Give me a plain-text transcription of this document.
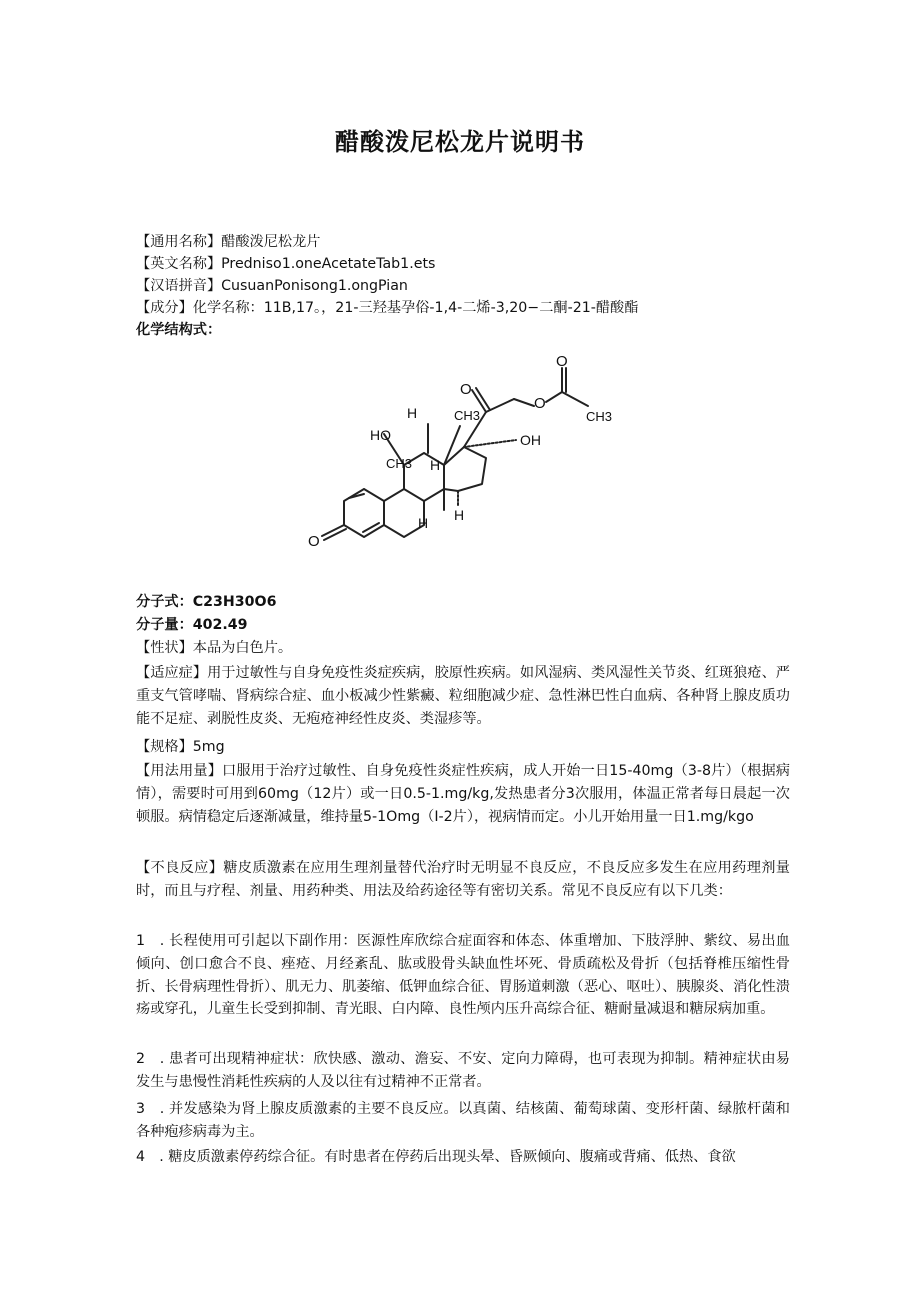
醋酸泼尼松龙片说明书
【通用名称】醋酸泼尼松龙片
【英文名称】Predniso1.oneAcetateTab1.ets
【汉语拼音】CusuanPonisong1.ongPian
【成分】化学名称：11B,17。，21-三羟基孕俗-1,4-二烯-3,20−二酮-21-醋酸酯
化学结构式：
O
CH3
O
O
H	CH3
HO	OH
CH3 H
H H
O
分子式：C23H30O6
分子量：402.49
【性状】本品为白色片。
【适应症】用于过敏性与自身免疫性炎症疾病，胶原性疾病。如风湿病、类风湿性关节炎、红斑狼疮、严重支气管哮喘、肾病综合症、血小板减少性紫癜、粒细胞减少症、急性淋巴性白血病、各种肾上腺皮质功能不足症、剥脱性皮炎、无疱疮神经性皮炎、类湿疹等。
【规格】5mg
【用法用量】口服用于治疗过敏性、自身免疫性炎症性疾病，成人开始一日15-40mg（3-8片）（根据病情），需要时可用到60mg（12片）或一日0.5-1.mg/kg,发热患者分3次服用，体温正常者每日晨起一次顿服。病情稳定后逐渐减量，维持量5-1Omg（I-2片），视病情而定。小儿开始用量一日1.mg/kgo
【不良反应】糖皮质激素在应用生理剂量替代治疗时无明显不良反应，不良反应多发生在应用药理剂量时，而且与疗程、剂量、用药种类、用法及给药途径等有密切关系。常见不良反应有以下几类：
1　. 长程使用可引起以下副作用：医源性库欣综合症面容和体态、体重增加、下肢浮肿、紫纹、易出血倾向、创口愈合不良、痤疮、月经紊乱、肱或股骨头缺血性坏死、骨质疏松及骨折（包括脊椎压缩性骨折、长骨病理性骨折）、肌无力、肌萎缩、低钾血综合征、胃肠道刺激（恶心、呕吐）、胰腺炎、消化性溃疡或穿孔，儿童生长受到抑制、青光眼、白内障、良性颅内压升高综合征、糖耐量减退和糖尿病加重。
2　. 患者可出现精神症状：欣快感、激动、澹妄、不安、定向力障碍，也可表现为抑制。精神症状由易发生与患慢性消耗性疾病的人及以往有过精神不正常者。
3　. 并发感染为肾上腺皮质激素的主要不良反应。以真菌、结核菌、葡萄球菌、变形杆菌、绿脓杆菌和各种疱疹病毒为主。
4　. 糖皮质激素停药综合征。有时患者在停药后出现头晕、昏厥倾向、腹痛或背痛、低热、食欲
